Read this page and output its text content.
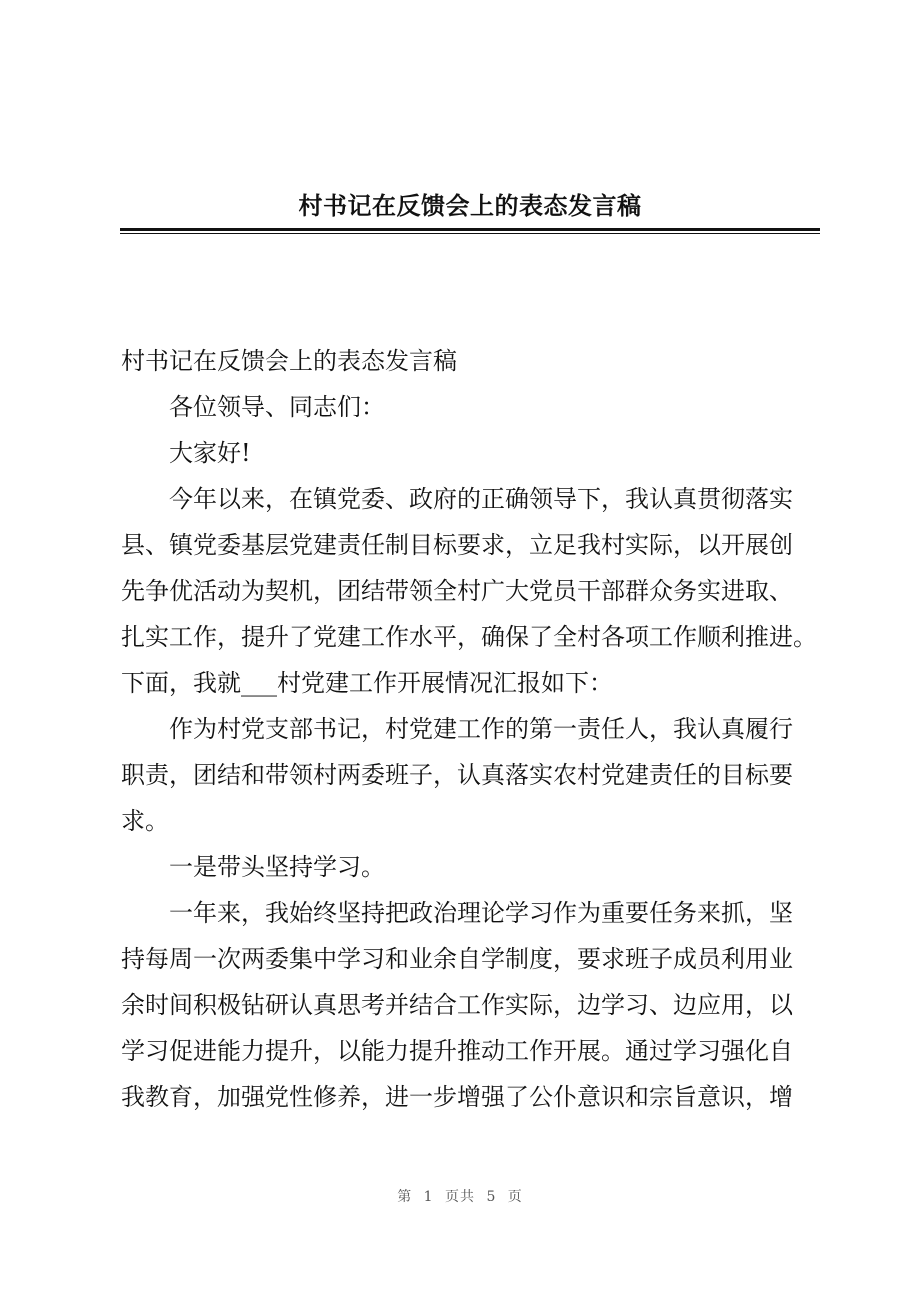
村书记在反馈会上的表态发言稿
村书记在反馈会上的表态发言稿
　　各位领导、同志们：
　　大家好!
　　今年以来，在镇党委、政府的正确领导下，我认真贯彻落实
县、镇党委基层党建责任制目标要求，立足我村实际，以开展创
先争优活动为契机，团结带领全村广大党员干部群众务实进取、
扎实工作，提升了党建工作水平，确保了全村各项工作顺利推进。
下面，我就___村党建工作开展情况汇报如下：
　　作为村党支部书记，村党建工作的第一责任人，我认真履行
职责，团结和带领村两委班子，认真落实农村党建责任的目标要
求。
　　一是带头坚持学习。
　　一年来，我始终坚持把政治理论学习作为重要任务来抓，坚
持每周一次两委集中学习和业余自学制度，要求班子成员利用业
余时间积极钻研认真思考并结合工作实际，边学习、边应用，以
学习促进能力提升，以能力提升推动工作开展。通过学习强化自
我教育，加强党性修养，进一步增强了公仆意识和宗旨意识，增
第 1 页共 5 页
